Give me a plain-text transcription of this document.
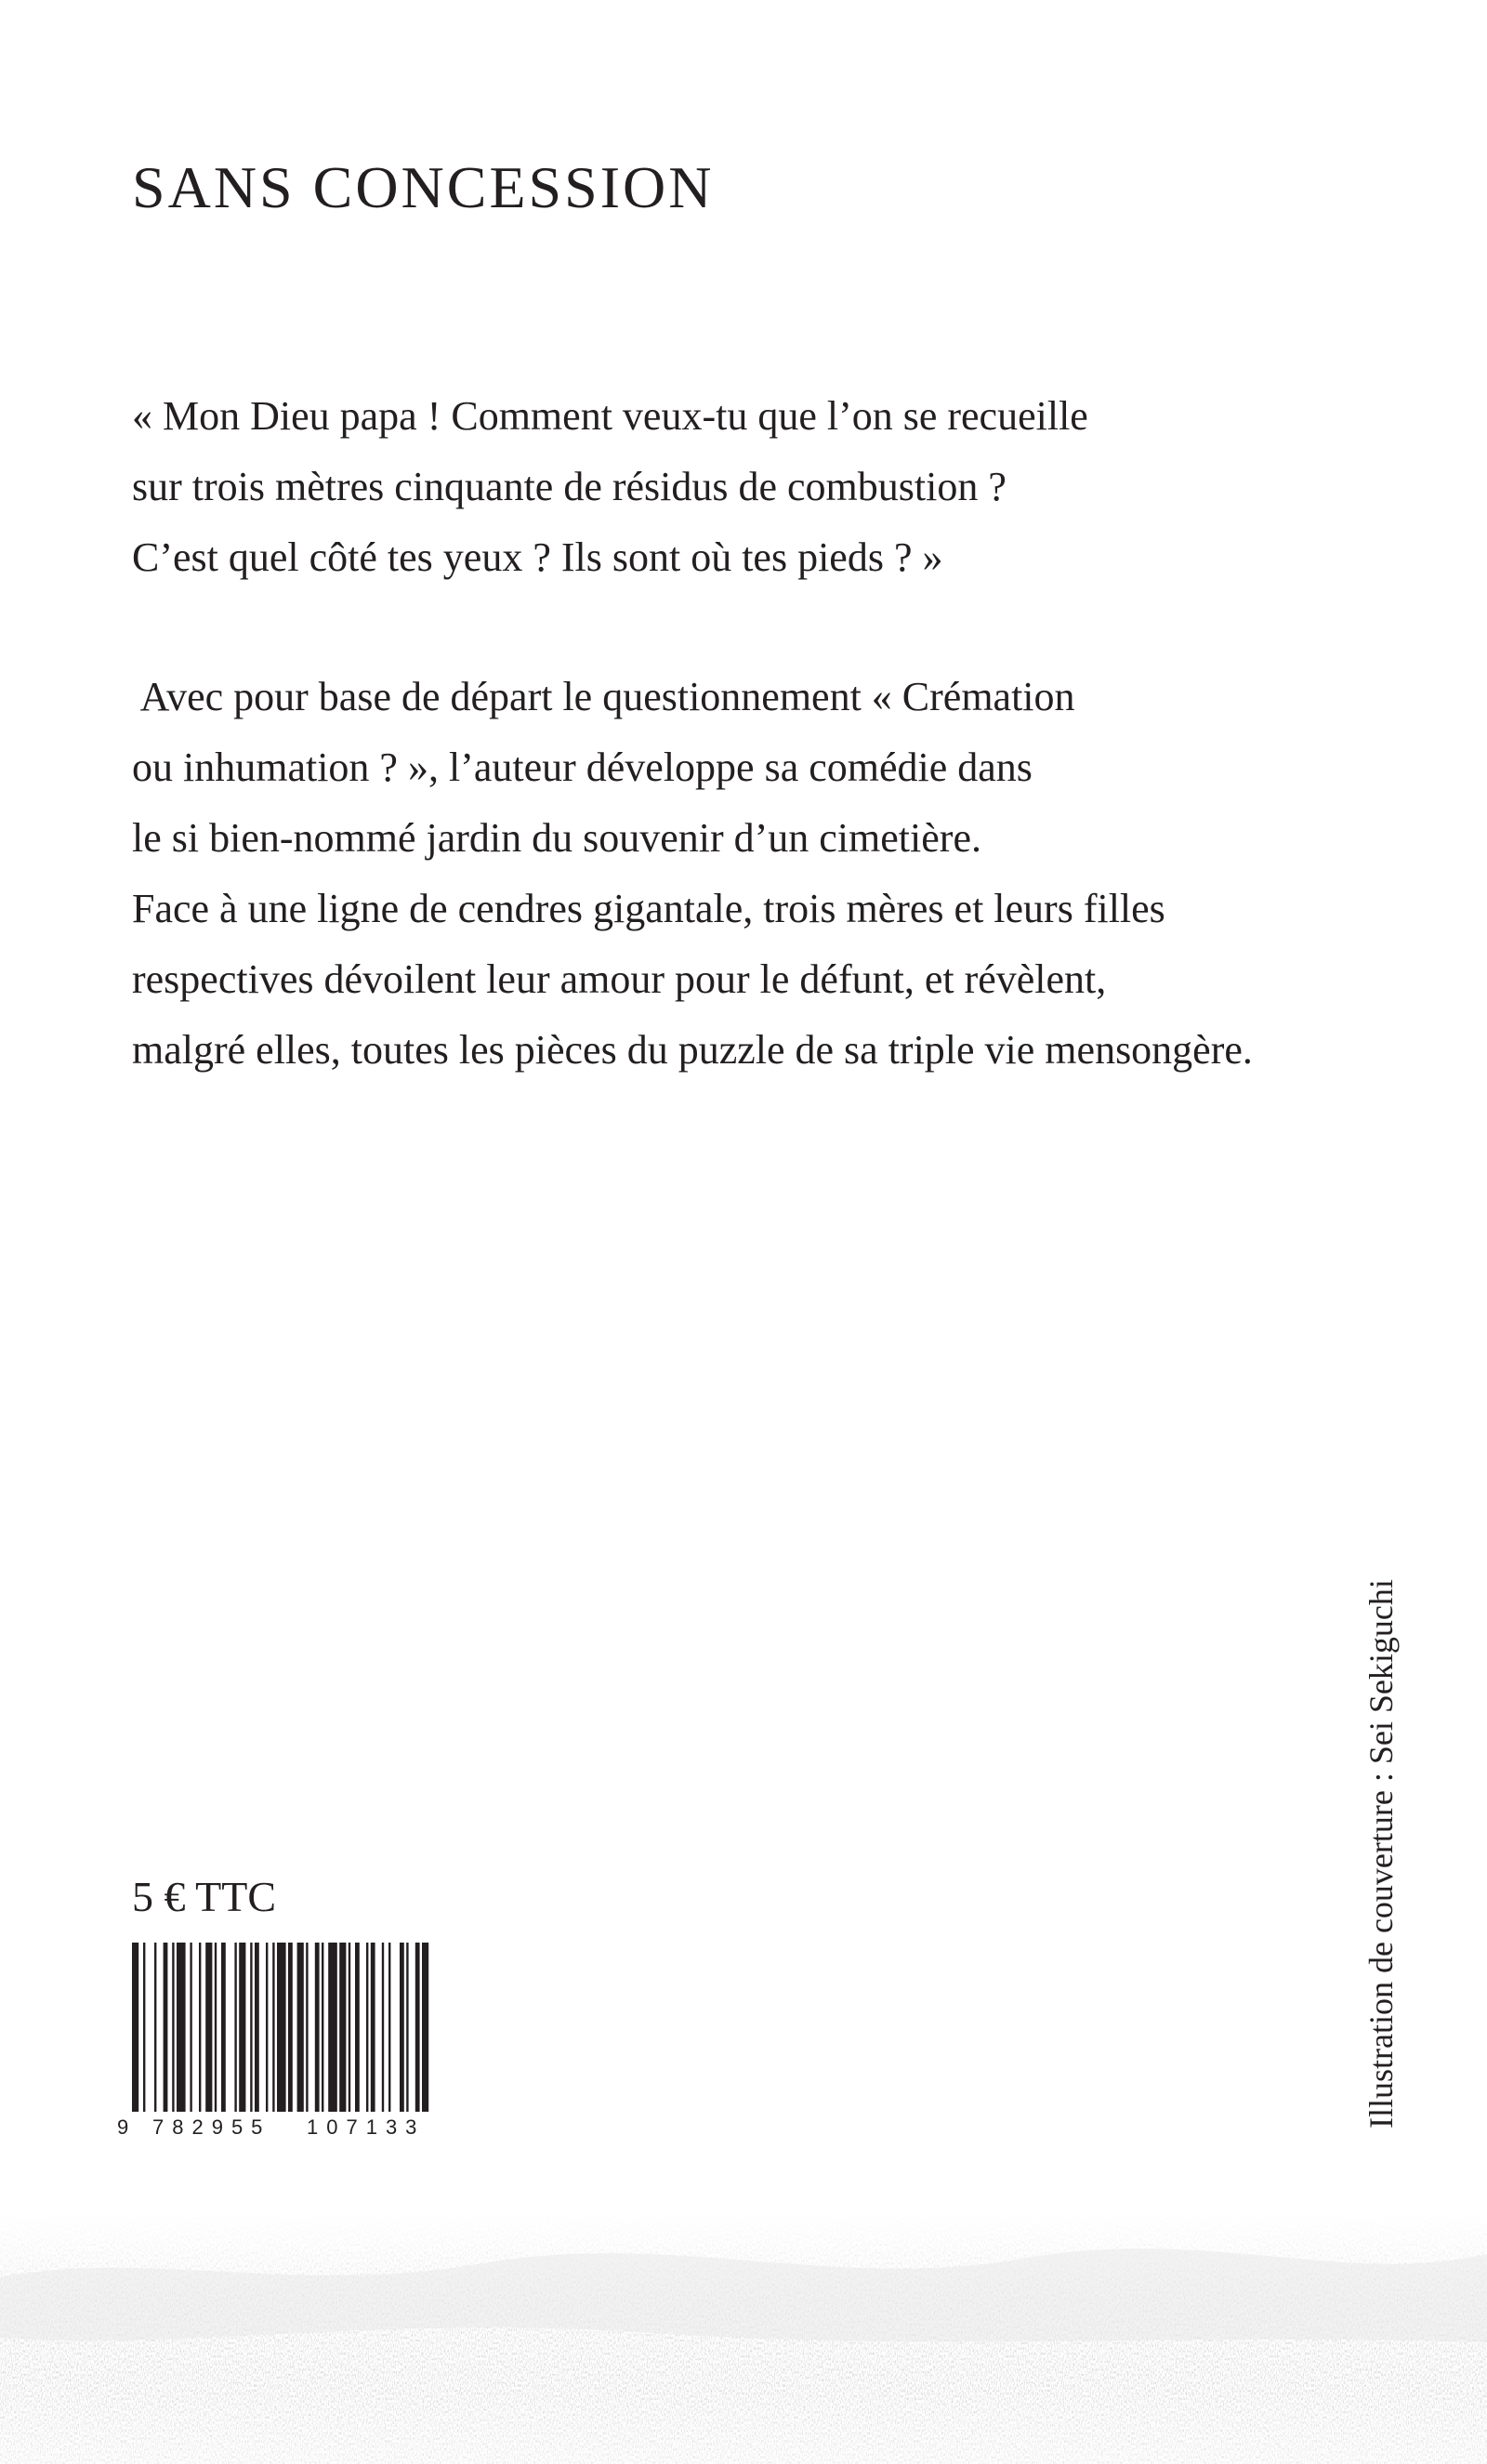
SANS CONCESSION
« Mon Dieu papa ! Comment veux-tu que l’on se recueille
sur trois mètres cinquante de résidus de combustion ?
C’est quel côté tes yeux ? Ils sont où tes pieds ? »
Avec pour base de départ le questionnement « Crémation
ou inhumation ? », l’auteur développe sa comédie dans
le si bien-nommé jardin du souvenir d’un cimetière.
Face à une ligne de cendres gigantale, trois mères et leurs filles
respectives dévoilent leur amour pour le défunt, et révèlent,
malgré elles, toutes les pièces du puzzle de sa triple vie mensongère.
5 € TTC
9 782955 107133	Illustration de couverture : Sei Sekiguchi
